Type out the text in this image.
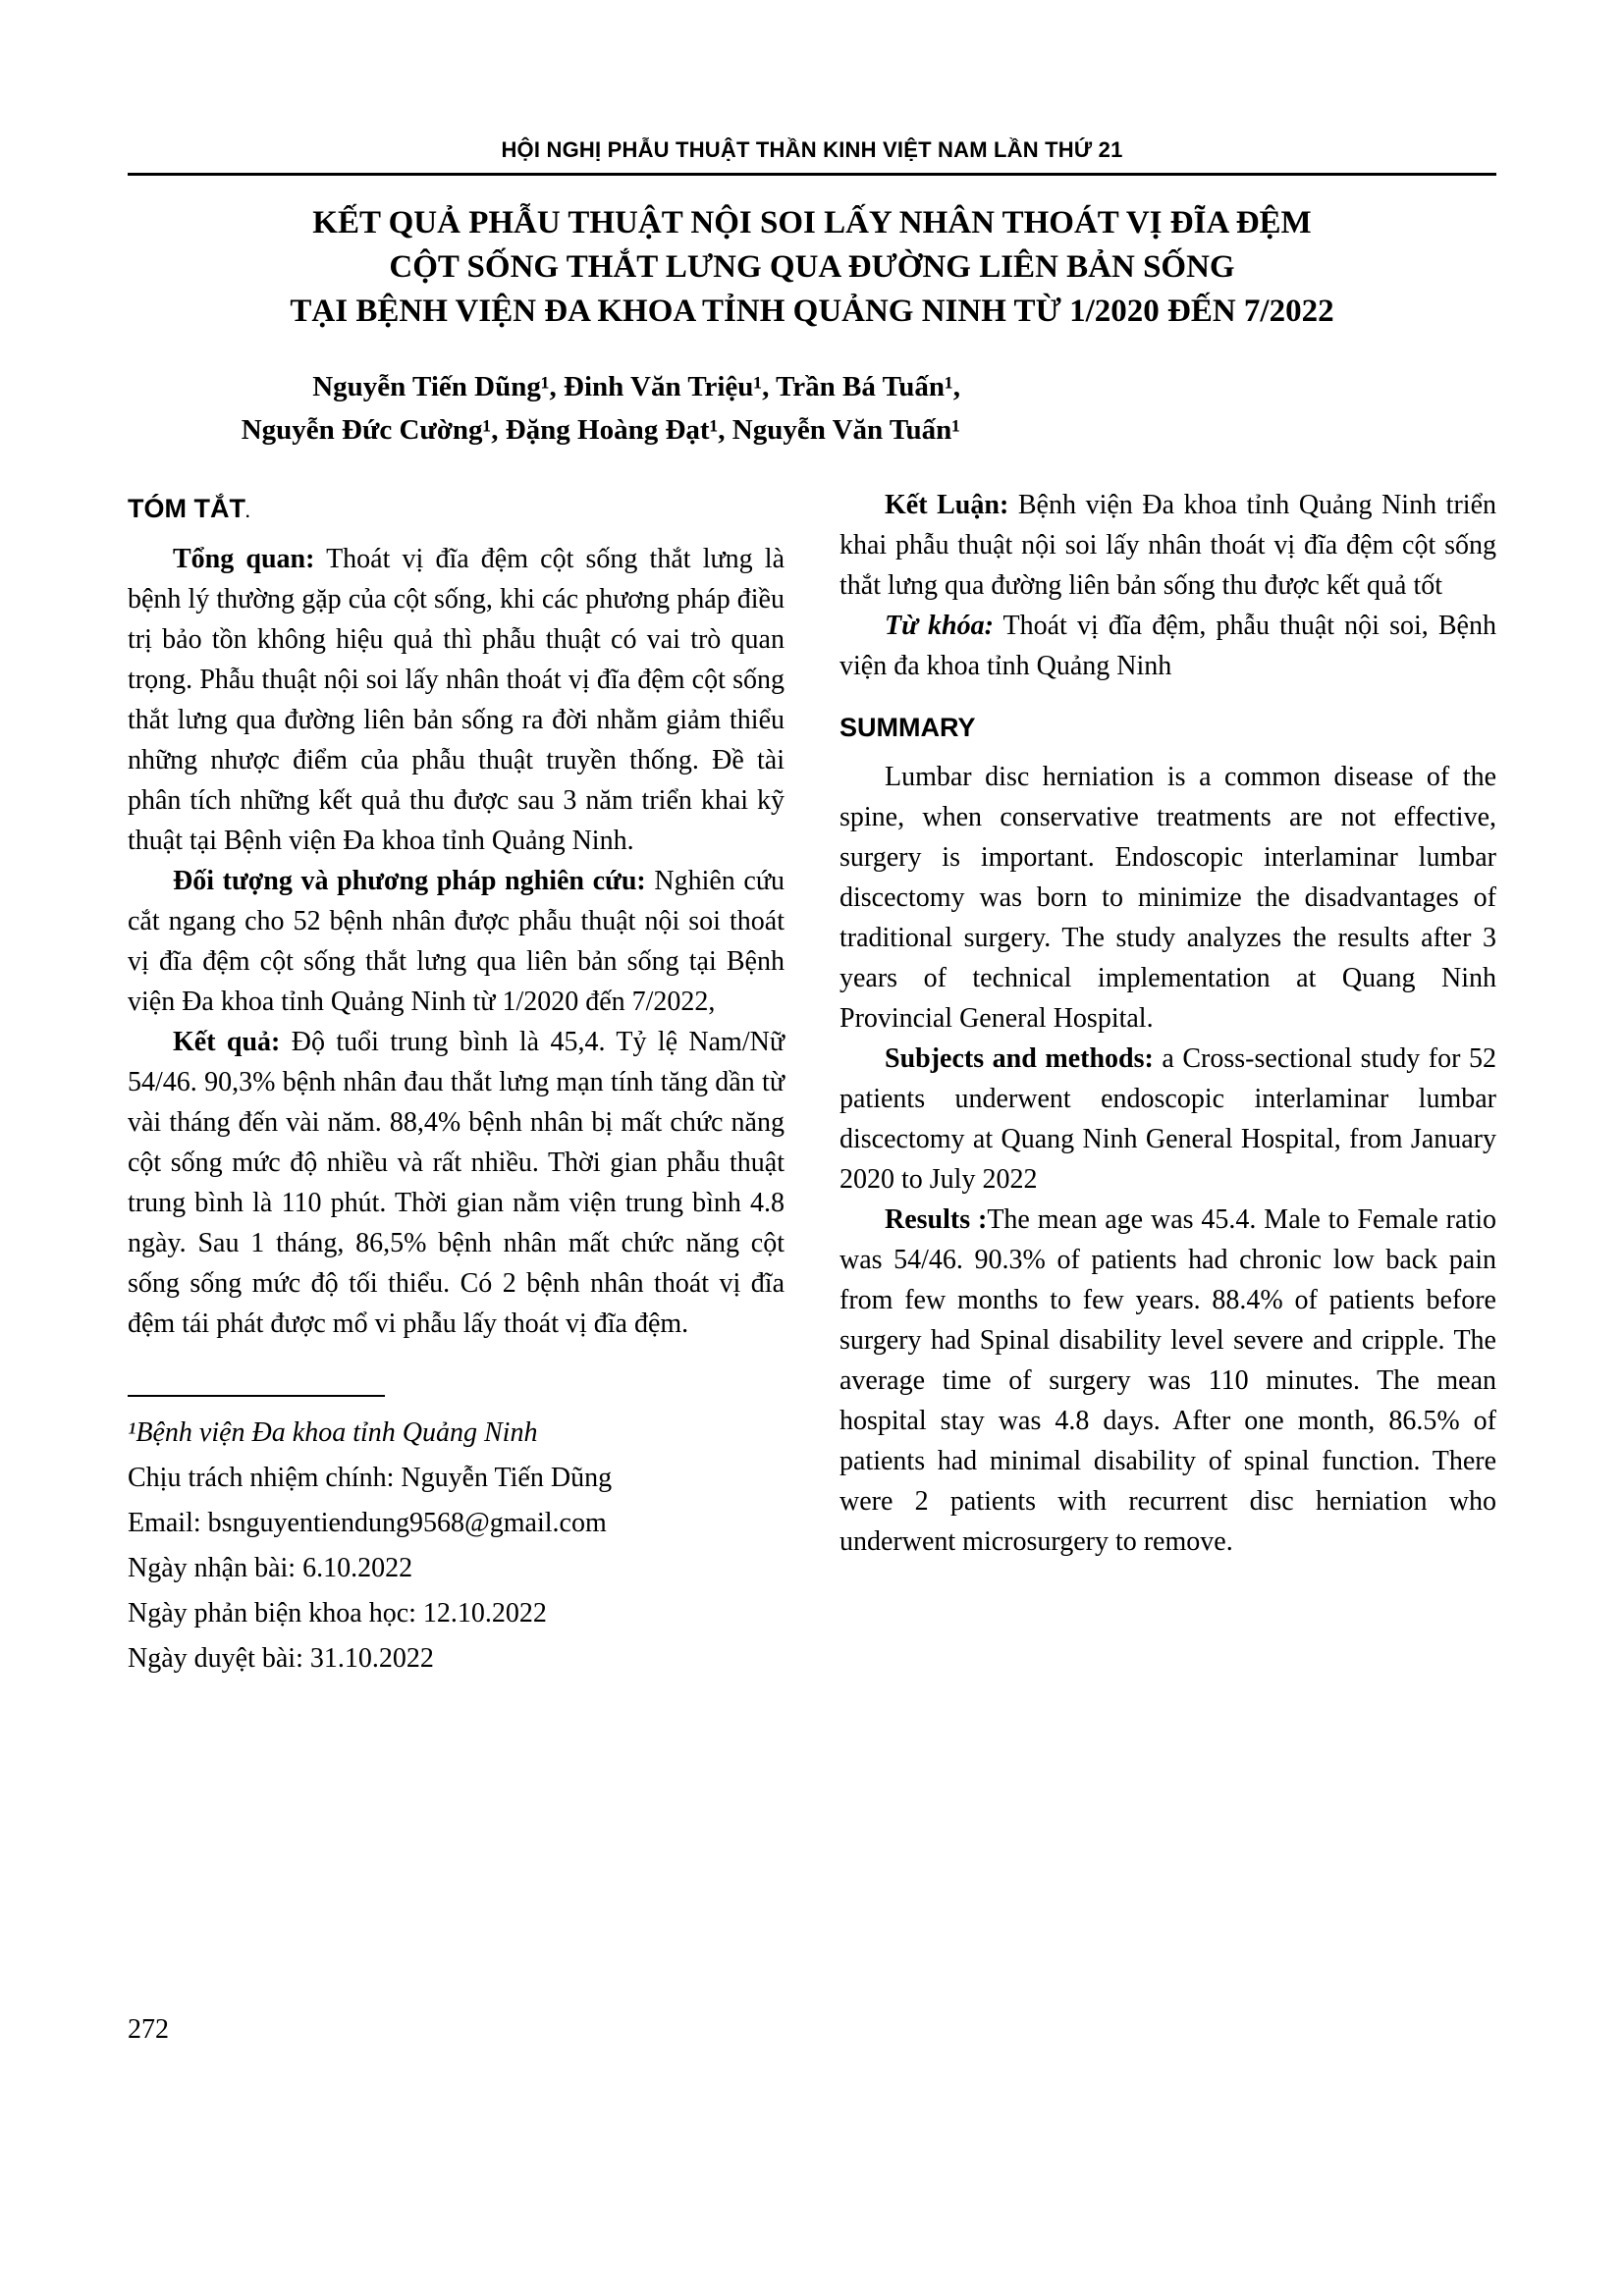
HỘI NGHỊ PHẪU THUẬT THẦN KINH VIỆT NAM LẦN THỨ 21
KẾT QUẢ PHẪU THUẬT NỘI SOI LẤY NHÂN THOÁT VỊ ĐĨA ĐỆM
CỘT SỐNG THẮT LƯNG QUA ĐƯỜNG LIÊN BẢN SỐNG
TẠI BỆNH VIỆN ĐA KHOA TỈNH QUẢNG NINH TỪ 1/2020 ĐẾN 7/2022
Nguyễn Tiến Dũng¹, Đinh Văn Triệu¹, Trần Bá Tuấn¹,
Nguyễn Đức Cường¹, Đặng Hoàng Đạt¹, Nguyễn Văn Tuấn¹
TÓM TẮT.

Tổng quan: Thoát vị đĩa đệm cột sống thắt lưng là bệnh lý thường gặp của cột sống, khi các phương pháp điều trị bảo tồn không hiệu quả thì phẫu thuật có vai trò quan trọng. Phẫu thuật nội soi lấy nhân thoát vị đĩa đệm cột sống thắt lưng qua đường liên bản sống ra đời nhằm giảm thiểu những nhược điểm của phẫu thuật truyền thống. Đề tài phân tích những kết quả thu được sau 3 năm triển khai kỹ thuật tại Bệnh viện Đa khoa tỉnh Quảng Ninh.

Đối tượng và phương pháp nghiên cứu: Nghiên cứu cắt ngang cho 52 bệnh nhân được phẫu thuật nội soi thoát vị đĩa đệm cột sống thắt lưng qua liên bản sống tại Bệnh viện Đa khoa tỉnh Quảng Ninh từ 1/2020 đến 7/2022,

Kết quả: Độ tuổi trung bình là 45,4. Tỷ lệ Nam/Nữ 54/46. 90,3% bệnh nhân đau thắt lưng mạn tính tăng dần từ vài tháng đến vài năm. 88,4% bệnh nhân bị mất chức năng cột sống mức độ nhiều và rất nhiều. Thời gian phẫu thuật trung bình là 110 phút. Thời gian nằm viện trung bình 4.8 ngày. Sau 1 tháng, 86,5% bệnh nhân mất chức năng cột sống sống mức độ tối thiểu. Có 2 bệnh nhân thoát vị đĩa đệm tái phát được mổ vi phẫu lấy thoát vị đĩa đệm.

¹Bệnh viện Đa khoa tỉnh Quảng Ninh
Chịu trách nhiệm chính: Nguyễn Tiến Dũng
Email: bsnguyentiendung9568@gmail.com
Ngày nhận bài: 6.10.2022
Ngày phản biện khoa học: 12.10.2022
Ngày duyệt bài: 31.10.2022

Kết Luận: Bệnh viện Đa khoa tỉnh Quảng Ninh triển khai phẫu thuật nội soi lấy nhân thoát vị đĩa đệm cột sống thắt lưng qua đường liên bản sống thu được kết quả tốt

Từ khóa: Thoát vị đĩa đệm, phẫu thuật nội soi, Bệnh viện đa khoa tỉnh Quảng Ninh

SUMMARY

Lumbar disc herniation is a common disease of the spine, when conservative treatments are not effective, surgery is important. Endoscopic interlaminar lumbar discectomy was born to minimize the disadvantages of traditional surgery. The study analyzes the results after 3 years of technical implementation at Quang Ninh Provincial General Hospital.

Subjects and methods: a Cross-sectional study for 52 patients underwent endoscopic interlaminar lumbar discectomy at Quang Ninh General Hospital, from January 2020 to July 2022

Results :The mean age was 45.4. Male to Female ratio was 54/46. 90.3% of patients had chronic low back pain from few months to few years. 88.4% of patients before surgery had Spinal disability level severe and cripple. The average time of surgery was 110 minutes. The mean hospital stay was 4.8 days. After one month, 86.5% of patients had minimal disability of spinal function. There were 2 patients with recurrent disc herniation who underwent microsurgery to remove.

272
